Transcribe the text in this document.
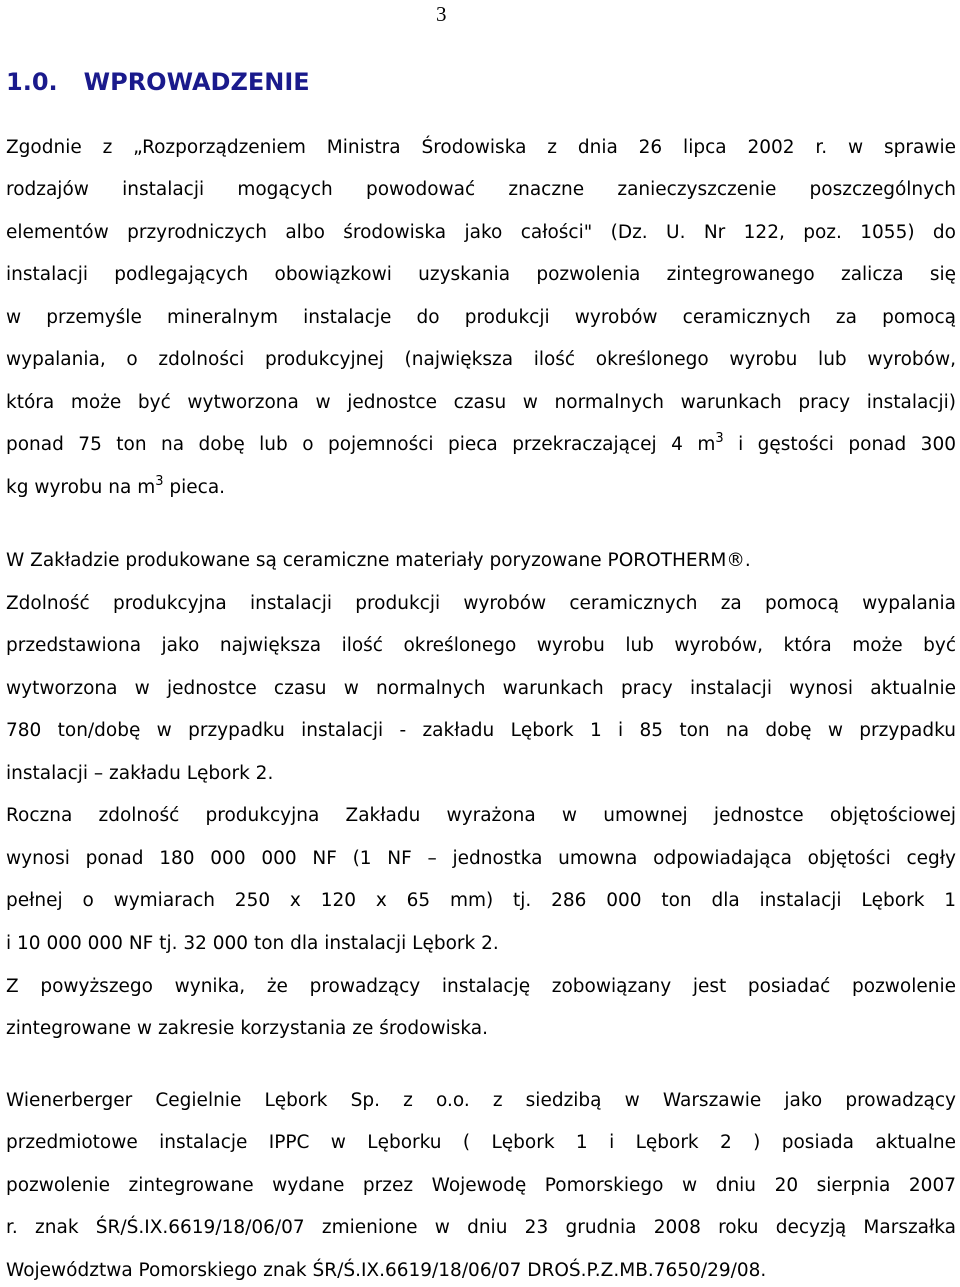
3
1.0. WPROWADZENIE
Zgodnie z „Rozporządzeniem Ministra Środowiska z dnia 26 lipca 2002 r. w sprawie
rodzajów instalacji mogących powodować znaczne zanieczyszczenie poszczególnych
elementów przyrodniczych albo środowiska jako całości" (Dz. U. Nr 122, poz. 1055) do
instalacji podlegających obowiązkowi uzyskania pozwolenia zintegrowanego zalicza się
w przemyśle mineralnym instalacje do produkcji wyrobów ceramicznych za pomocą
wypalania, o zdolności produkcyjnej (największa ilość określonego wyrobu lub wyrobów,
która może być wytworzona w jednostce czasu w normalnych warunkach pracy instalacji)
ponad 75 ton na dobę lub o pojemności pieca przekraczającej 4 $m^3$ i gęstości ponad 300
kg wyrobu na $m^3$ pieca.
W Zakładzie produkowane są ceramiczne materiały poryzowane POROTHERM®.
Zdolność produkcyjna instalacji produkcji wyrobów ceramicznych za pomocą wypalania
przedstawiona jako największa ilość określonego wyrobu lub wyrobów, która może być
wytworzona w jednostce czasu w normalnych warunkach pracy instalacji wynosi aktualnie
780 ton/dobę w przypadku instalacji - zakładu Lębork 1 i 85 ton na dobę w przypadku
instalacji – zakładu Lębork 2.
Roczna zdolność produkcyjna Zakładu wyrażona w umownej jednostce objętościowej
wynosi ponad 180 000 000 NF (1 NF – jednostka umowna odpowiadająca objętości cegły
pełnej o wymiarach 250 x 120 x 65 mm) tj. 286 000 ton dla instalacji Lębork 1
i 10 000 000 NF tj. 32 000 ton dla instalacji Lębork 2.
Z powyższego wynika, że prowadzący instalację zobowiązany jest posiadać pozwolenie
zintegrowane w zakresie korzystania ze środowiska.
Wienerberger Cegielnie Lębork Sp. z o.o. z siedzibą w Warszawie jako prowadzący
przedmiotowe instalacje IPPC w Lęborku ( Lębork 1 i Lębork 2 ) posiada aktualne
pozwolenie zintegrowane wydane przez Wojewodę Pomorskiego w dniu 20 sierpnia 2007
r. znak ŚR/Ś.IX.6619/18/06/07 zmienione w dniu 23 grudnia 2008 roku decyzją Marszałka
Województwa Pomorskiego znak ŚR/Ś.IX.6619/18/06/07 DROŚ.P.Z.MB.7650/29/08.
